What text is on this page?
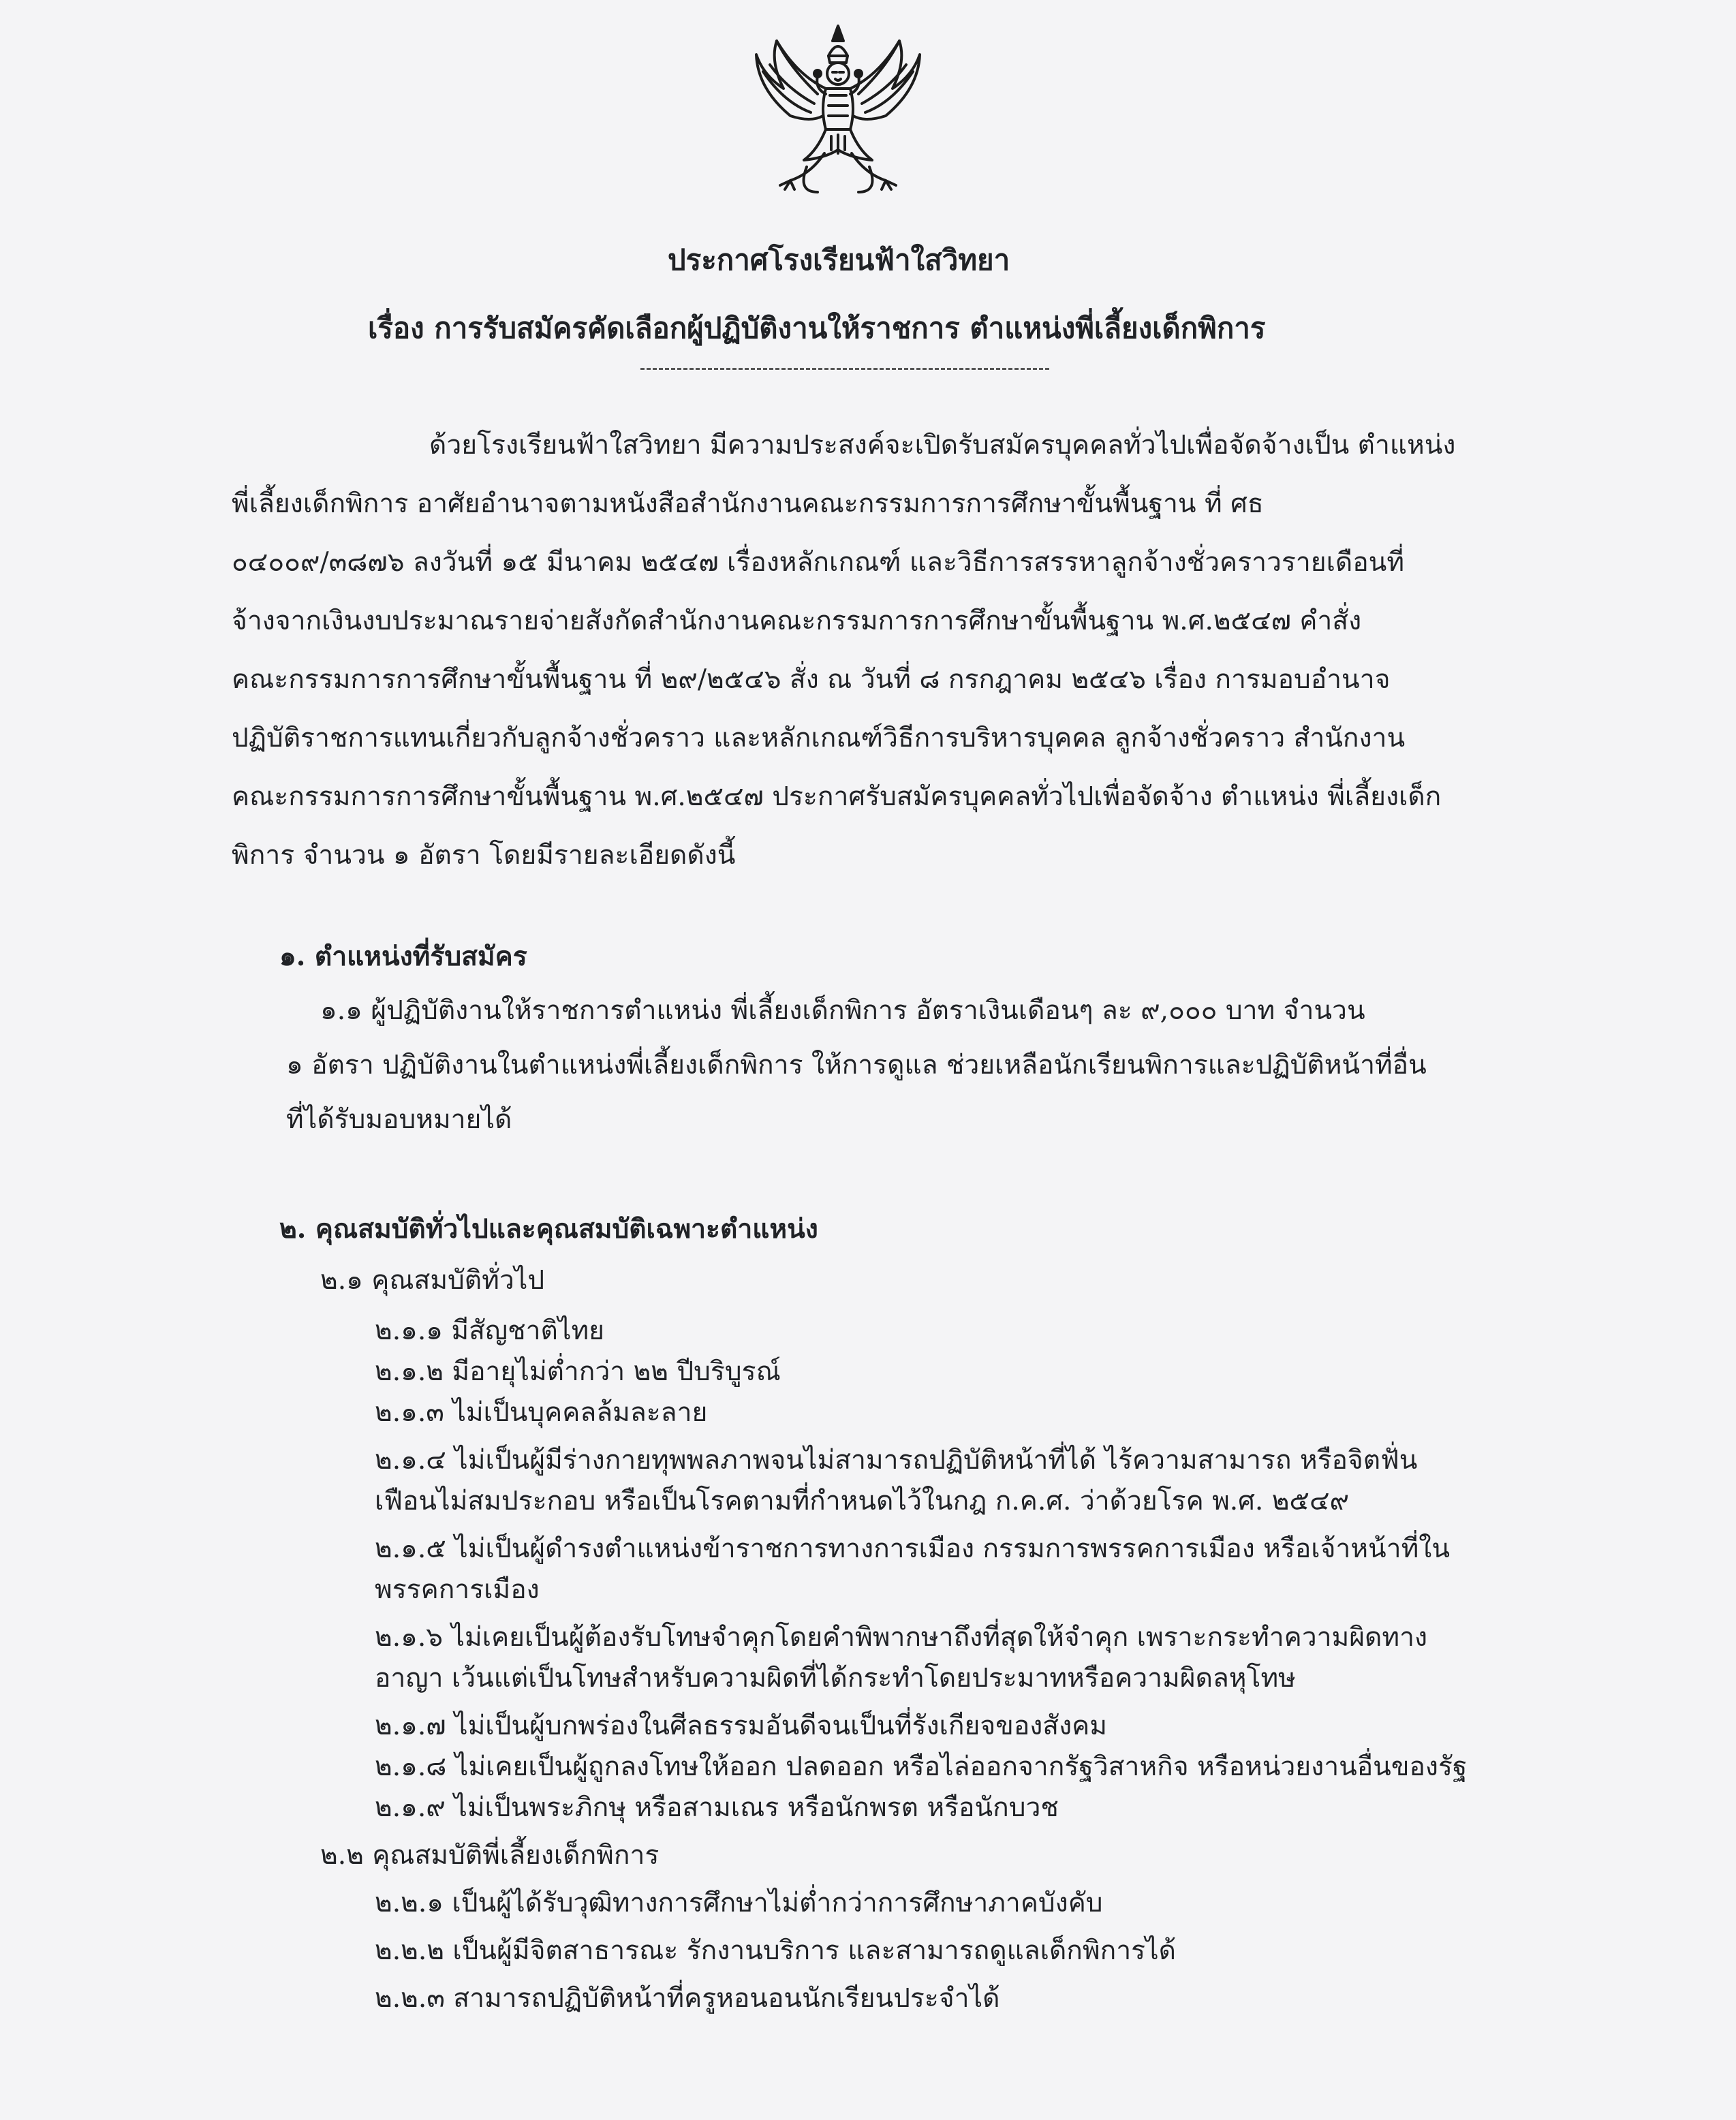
ประกาศโรงเรียนฟ้าใสวิทยา
เรื่อง การรับสมัครคัดเลือกผู้ปฏิบัติงานให้ราชการ ตำแหน่งพี่เลี้ยงเด็กพิการ
ด้วยโรงเรียนฟ้าใสวิทยา มีความประสงค์จะเปิดรับสมัครบุคคลทั่วไปเพื่อจัดจ้างเป็น ตำแหน่ง
พี่เลี้ยงเด็กพิการ อาศัยอำนาจตามหนังสือสำนักงานคณะกรรมการการศึกษาขั้นพื้นฐาน ที่ ศธ
๐๔๐๐๙/๓๘๗๖ ลงวันที่ ๑๕ มีนาคม ๒๕๔๗ เรื่องหลักเกณฑ์ และวิธีการสรรหาลูกจ้างชั่วคราวรายเดือนที่
จ้างจากเงินงบประมาณรายจ่ายสังกัดสำนักงานคณะกรรมการการศึกษาขั้นพื้นฐาน พ.ศ.๒๕๔๗ คำสั่ง
คณะกรรมการการศึกษาขั้นพื้นฐาน ที่ ๒๙/๒๕๔๖ สั่ง ณ วันที่ ๘ กรกฎาคม ๒๕๔๖ เรื่อง การมอบอำนาจ
ปฏิบัติราชการแทนเกี่ยวกับลูกจ้างชั่วคราว และหลักเกณฑ์วิธีการบริหารบุคคล ลูกจ้างชั่วคราว สำนักงาน
คณะกรรมการการศึกษาขั้นพื้นฐาน พ.ศ.๒๕๔๗ ประกาศรับสมัครบุคคลทั่วไปเพื่อจัดจ้าง ตำแหน่ง พี่เลี้ยงเด็ก
พิการ จำนวน ๑ อัตรา โดยมีรายละเอียดดังนี้
๑. ตำแหน่งที่รับสมัคร
๑.๑ ผู้ปฏิบัติงานให้ราชการตำแหน่ง พี่เลี้ยงเด็กพิการ อัตราเงินเดือนๆ ละ ๙,๐๐๐ บาท จำนวน
๑ อัตรา ปฏิบัติงานในตำแหน่งพี่เลี้ยงเด็กพิการ ให้การดูแล ช่วยเหลือนักเรียนพิการและปฏิบัติหน้าที่อื่น
ที่ได้รับมอบหมายได้
๒. คุณสมบัติทั่วไปและคุณสมบัติเฉพาะตำแหน่ง
๒.๑ คุณสมบัติทั่วไป
๒.๑.๑ มีสัญชาติไทย
๒.๑.๒ มีอายุไม่ต่ำกว่า ๒๒ ปีบริบูรณ์
๒.๑.๓ ไม่เป็นบุคคลล้มละลาย
๒.๑.๔ ไม่เป็นผู้มีร่างกายทุพพลภาพจนไม่สามารถปฏิบัติหน้าที่ได้ ไร้ความสามารถ หรือจิตฟั่น
เฟือนไม่สมประกอบ หรือเป็นโรคตามที่กำหนดไว้ในกฎ ก.ค.ศ. ว่าด้วยโรค พ.ศ. ๒๕๔๙
๒.๑.๕ ไม่เป็นผู้ดำรงตำแหน่งข้าราชการทางการเมือง กรรมการพรรคการเมือง หรือเจ้าหน้าที่ใน
พรรคการเมือง
๒.๑.๖ ไม่เคยเป็นผู้ต้องรับโทษจำคุกโดยคำพิพากษาถึงที่สุดให้จำคุก เพราะกระทำความผิดทาง
อาญา เว้นแต่เป็นโทษสำหรับความผิดที่ได้กระทำโดยประมาทหรือความผิดลหุโทษ
๒.๑.๗ ไม่เป็นผู้บกพร่องในศีลธรรมอันดีจนเป็นที่รังเกียจของสังคม
๒.๑.๘ ไม่เคยเป็นผู้ถูกลงโทษให้ออก ปลดออก หรือไล่ออกจากรัฐวิสาหกิจ หรือหน่วยงานอื่นของรัฐ
๒.๑.๙ ไม่เป็นพระภิกษุ หรือสามเณร หรือนักพรต หรือนักบวช
๒.๒ คุณสมบัติพี่เลี้ยงเด็กพิการ
๒.๒.๑ เป็นผู้ได้รับวุฒิทางการศึกษาไม่ต่ำกว่าการศึกษาภาคบังคับ
๒.๒.๒ เป็นผู้มีจิตสาธารณะ รักงานบริการ และสามารถดูแลเด็กพิการได้
๒.๒.๓ สามารถปฏิบัติหน้าที่ครูหอนอนนักเรียนประจำได้
